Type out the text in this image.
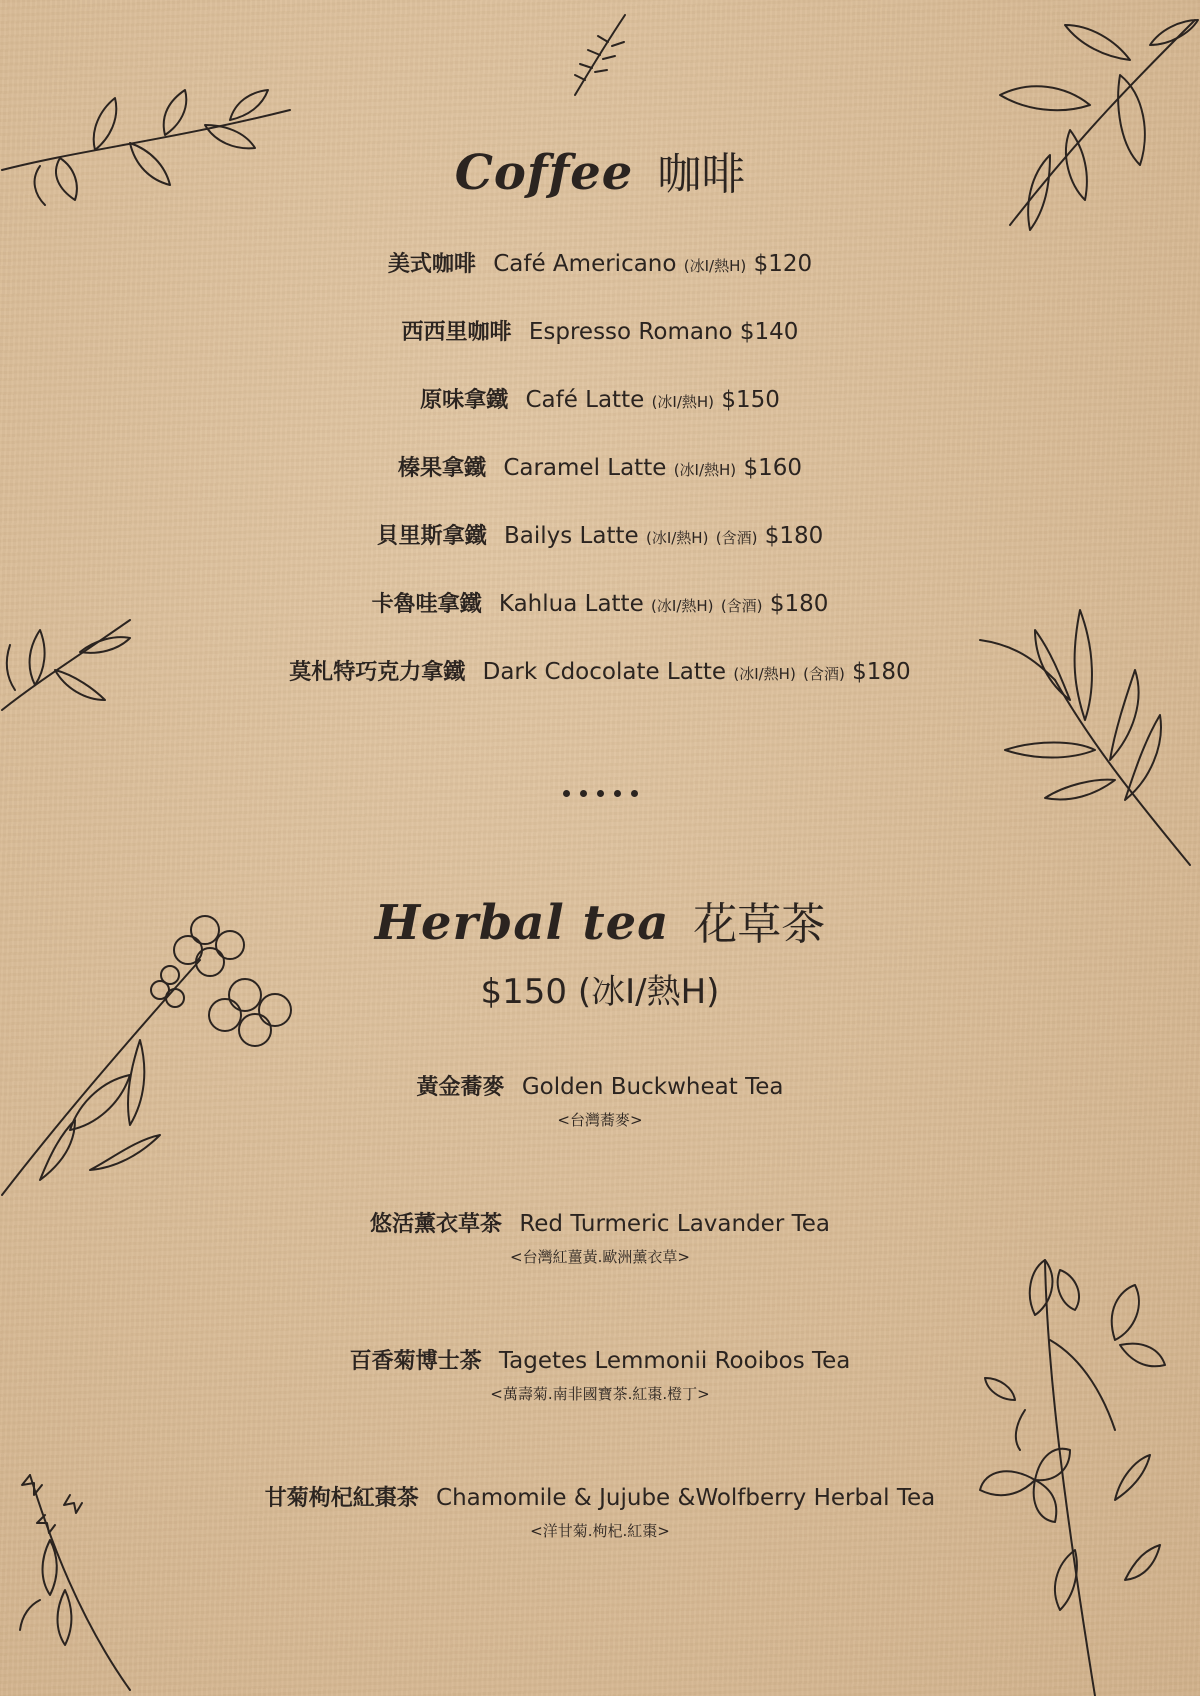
Coffee 咖啡
美式咖啡 Café Americano (冰I/熱H) $120
西西里咖啡 Espresso Romano $140
原味拿鐵 Café Latte (冰I/熱H) $150
榛果拿鐵 Caramel Latte (冰I/熱H) $160
貝里斯拿鐵 Bailys Latte (冰I/熱H) (含酒) $180
卡魯哇拿鐵 Kahlua Latte (冰I/熱H) (含酒) $180
莫札特巧克力拿鐵 Dark Cdocolate Latte (冰I/熱H) (含酒) $180
Herbal tea 花草茶
$150 (冰I/熱H)
黃金蕎麥 Golden Buckwheat Tea
<台灣蕎麥>
悠活薰衣草茶 Red Turmeric Lavander Tea
<台灣紅薑黃.歐洲薰衣草>
百香菊博士茶 Tagetes Lemmonii Rooibos Tea
<萬壽菊.南非國寶茶.紅棗.橙丁>
甘菊枸杞紅棗茶 Chamomile & Jujube &Wolfberry Herbal Tea
<洋甘菊.枸杞.紅棗>
